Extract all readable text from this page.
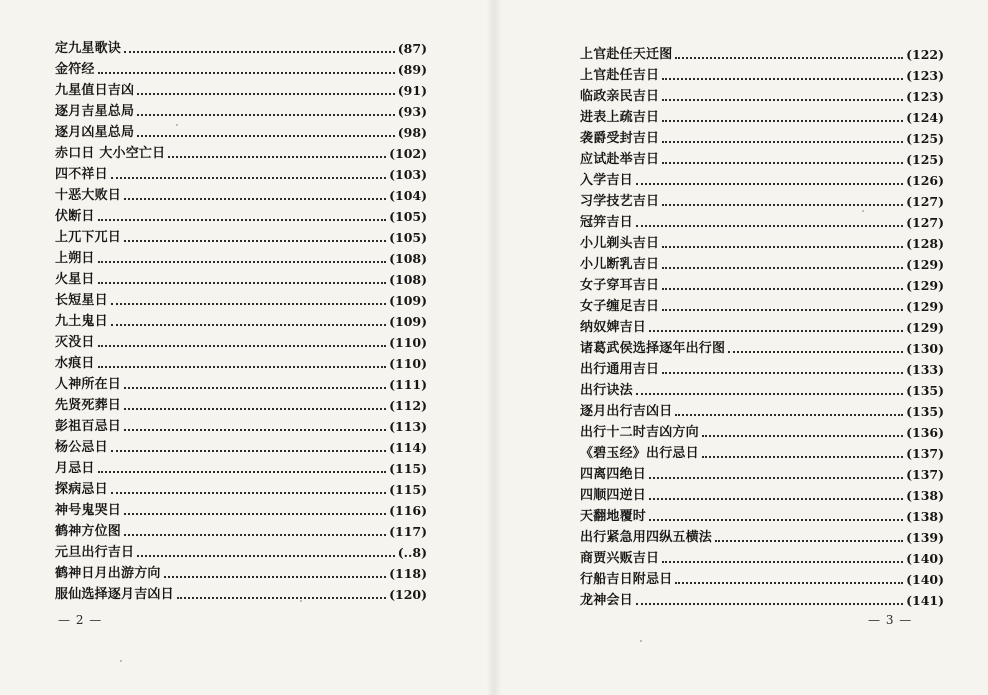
定九星歌诀	(87)
金符经	(89)
九星值日吉凶	(91)
逐月吉星总局	(93)
逐月凶星总局	(98)
赤口日 大小空亡日	(102)
四不祥日	(103)
十恶大败日	(104)
伏断日	(105)
上兀下兀日	(105)
上朔日	(108)
火星日	(108)
长短星日	(109)
九土鬼日	(109)
灭没日	(110)
水痕日	(110)
人神所在日	(111)
先贤死葬日	(112)
彭祖百忌日	(113)
杨公忌日	(114)
月忌日	(115)
探病忌日	(115)
神号鬼哭日	(116)
鹤神方位图	(117)
元旦出行吉日	(..8)
鹤神日月出游方向	(118)
服仙选择逐月吉凶日	(120)
— 2 —
上官赴任天迁图	(122)
上官赴任吉日	(123)
临政亲民吉日	(123)
进表上疏吉日	(124)
袭爵受封吉日	(125)
应试赴举吉日	(125)
入学吉日	(126)
习学技艺吉日	(127)
冠笄吉日	(127)
小儿剃头吉日	(128)
小儿断乳吉日	(129)
女子穿耳吉日	(129)
女子缠足吉日	(129)
纳奴婢吉日	(129)
诸葛武侯选择逐年出行图	(130)
出行通用吉日	(133)
出行诀法	(135)
逐月出行吉凶日	(135)
出行十二时吉凶方向	(136)
《碧玉经》出行忌日	(137)
四离四绝日	(137)
四顺四逆日	(138)
天翻地覆时	(138)
出行紧急用四纵五横法	(139)
商贾兴贩吉日	(140)
行船吉日附忌日	(140)
龙神会日	(141)
— 3 —
